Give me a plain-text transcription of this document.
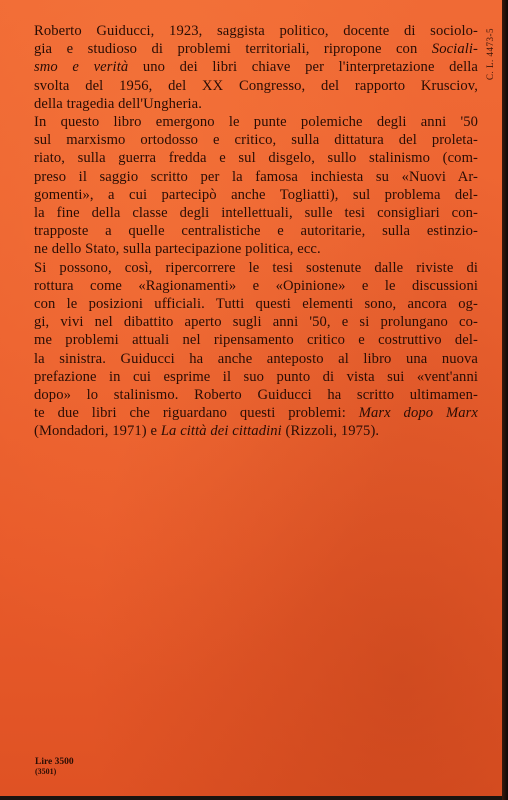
Roberto Guiducci, 1923, saggista politico, docente di sociolo-
gia e studioso di problemi territoriali, ripropone con Sociali-
smo e verità uno dei libri chiave per l'interpretazione della
svolta del 1956, del XX Congresso, del rapporto Krusciov,
della tragedia dell'Ungheria.
In questo libro emergono le punte polemiche degli anni '50
sul marxismo ortodosso e critico, sulla dittatura del proleta-
riato, sulla guerra fredda e sul disgelo, sullo stalinismo (com-
preso il saggio scritto per la famosa inchiesta su «Nuovi Ar-
gomenti», a cui partecipò anche Togliatti), sul problema del-
la fine della classe degli intellettuali, sulle tesi consigliari con-
trapposte a quelle centralistiche e autoritarie, sulla estinzio-
ne dello Stato, sulla partecipazione politica, ecc.
Si possono, così, ripercorrere le tesi sostenute dalle riviste di
rottura come «Ragionamenti» e «Opinione» e le discussioni
con le posizioni ufficiali. Tutti questi elementi sono, ancora og-
gi, vivi nel dibattito aperto sugli anni '50, e si prolungano co-
me problemi attuali nel ripensamento critico e costruttivo del-
la sinistra. Guiducci ha anche anteposto al libro una nuova
prefazione in cui esprime il suo punto di vista sui «vent'anni
dopo» lo stalinismo. Roberto Guiducci ha scritto ultimamen-
te due libri che riguardano questi problemi: Marx dopo Marx
(Mondadori, 1971) e La città dei cittadini (Rizzoli, 1975).
C. L. 4473-5
Lire 3500
(3501)
